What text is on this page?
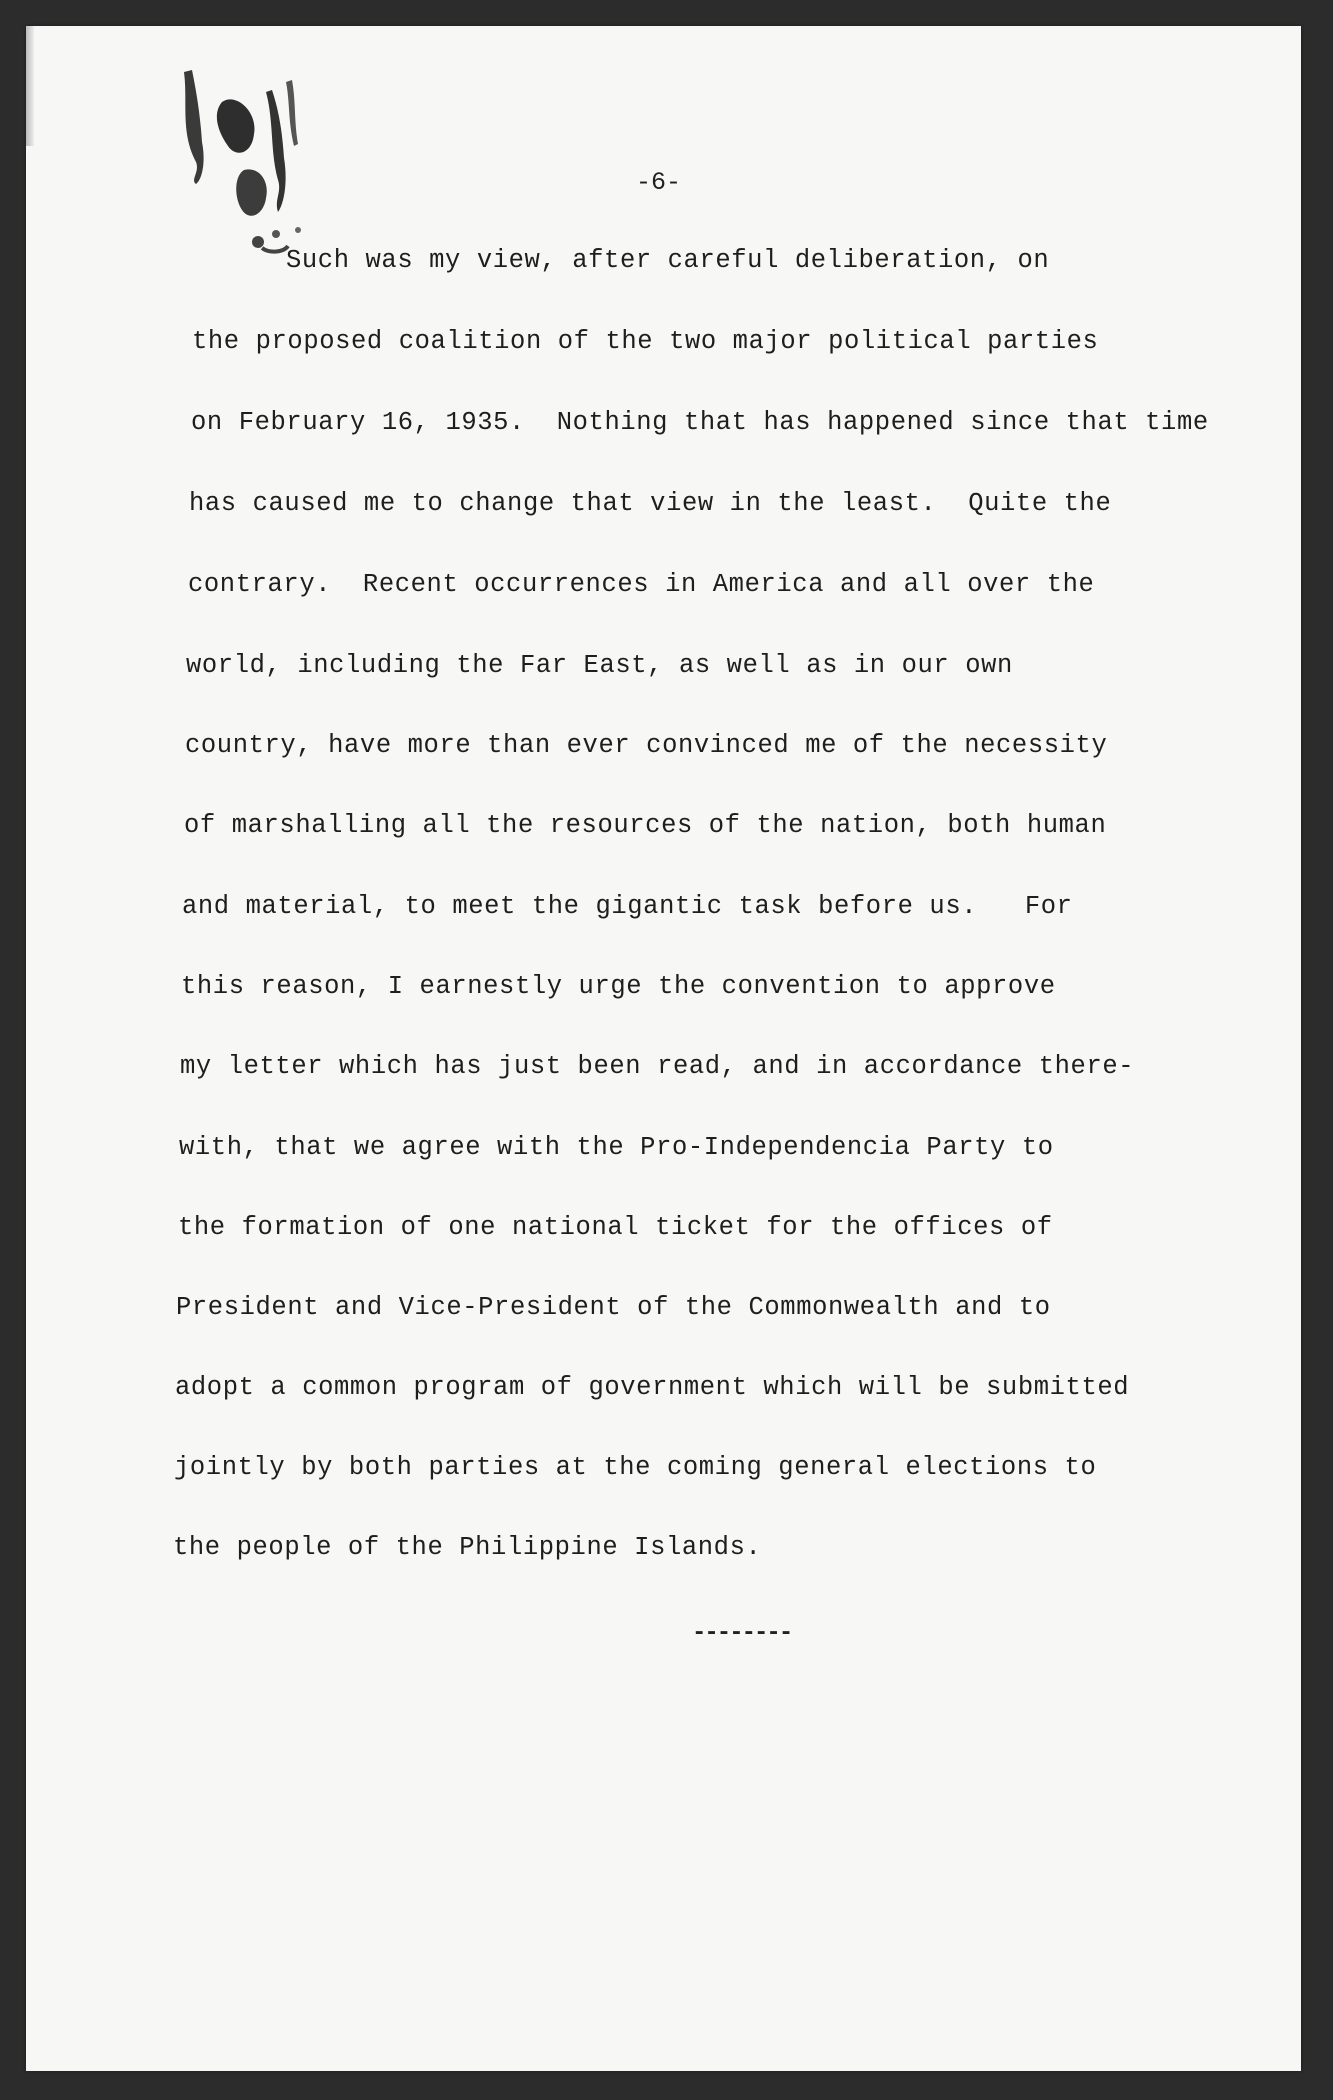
-6-
Such was my view, after careful deliberation, on
the proposed coalition of the two major political parties
on February 16, 1935.  Nothing that has happened since that time
has caused me to change that view in the least.  Quite the
contrary.  Recent occurrences in America and all over the
world, including the Far East, as well as in our own
country, have more than ever convinced me of the necessity
of marshalling all the resources of the nation, both human
and material, to meet the gigantic task before us.   For
this reason, I earnestly urge the convention to approve
my letter which has just been read, and in accordance there-
with, that we agree with the Pro-Independencia Party to
the formation of one national ticket for the offices of
President and Vice-President of the Commonwealth and to
adopt a common program of government which will be submitted
jointly by both parties at the coming general elections to
the people of the Philippine Islands.
--------
